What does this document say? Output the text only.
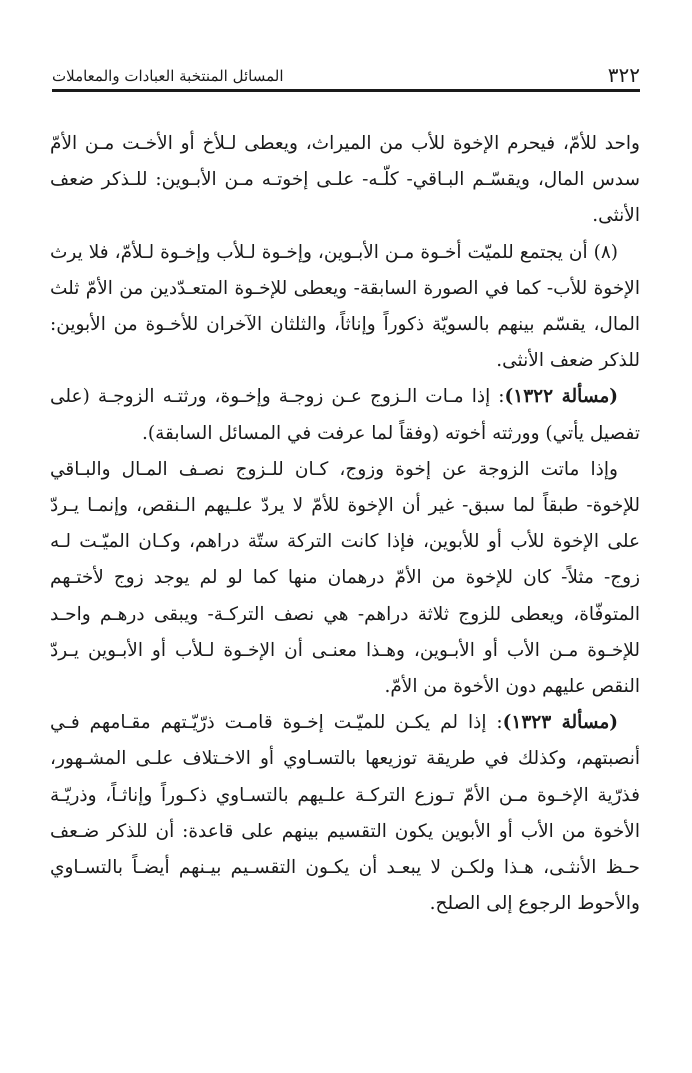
٣٢٢
المسائل المنتخبة العبادات والمعاملات

واحد للأمّ، فيحرم الإخوة للأب من الميراث، ويعطى لـلأخ أو الأخـت مـن الأمّ سدس المال، ويقسّـم البـاقي- كلّـه- علـى إخوتـه مـن الأبـوين: للـذكر ضعف الأنثى.

(٨) أن يجتمع للميّت أخـوة مـن الأبـوين، وإخـوة لـلأب وإخـوة لـلأمّ، فلا يرث الإخوة للأب- كما في الصورة السابقة- ويعطى للإخـوة المتعـدّدين من الأمّ ثلث المال، يقسّم بينهم بالسويّة ذكوراً وإناثاً، والثلثان الآخران للأخـوة من الأبوين: للذكر ضعف الأنثى.

(مسألة ١٣٢٢): إذا مـات الـزوج عـن زوجـة وإخـوة، ورثتـه الزوجـة (على تفصيل يأتي) وورثته أخوته (وفقاً لما عرفت في المسائل السابقة).

وإذا ماتت الزوجة عن إخوة وزوج، كـان للـزوج نصـف المـال والبـاقي للإخوة- طبقاً لما سبق- غير أن الإخوة للأمّ لا يردّ علـيهم الـنقص، وإنمـا يـردّ على الإخوة للأب أو للأبوين، فإذا كانت التركة ستّة دراهم، وكـان الميّـت لـه زوج- مثلاً- كان للإخوة من الأمّ درهمان منها كما لو لم يوجد زوج لأختـهم المتوفّاة، ويعطى للزوج ثلاثة دراهم- هي نصف التركـة- ويبقى درهـم واحـد للإخـوة مـن الأب أو الأبـوين، وهـذا معنـى أن الإخـوة لـلأب أو الأبـوين يـردّ النقص عليهم دون الأخوة من الأمّ.

(مسألة ١٣٢٣): إذا لم يكـن للميّـت إخـوة قامـت ذرّيّـتهم مقـامهم فـي أنصبتهم، وكذلك في طريقة توزيعها بالتسـاوي أو الاخـتلاف علـى المشـهور، فذرّية الإخـوة مـن الأمّ تـوزع التركـة علـيهم بالتسـاوي ذكـوراً وإناثـاً، وذريّـة الأخوة من الأب أو الأبوين يكون التقسيم بينهم على قاعدة: أن للذكر ضـعف حـظ الأنثـى، هـذا ولكـن لا يبعـد أن يكـون التقسـيم بيـنهم أيضـاً بالتسـاوي والأحوط الرجوع إلى الصلح.
